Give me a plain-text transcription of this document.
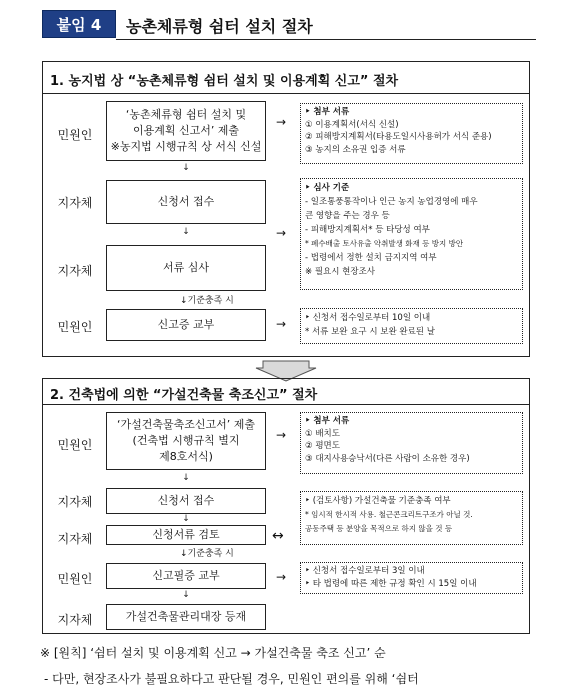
붙임 4	농촌체류형 쉼터 설치 절차
1. 농지법 상 “농촌체류형 쉼터 설치 및 이용계획 신고” 절차
민원인
‘농촌체류형 쉼터 설치 및
이용계획 신고서’ 제출
※농지법 시행규칙 상 서식 신설
↓
지자체	신청서 접수
↓
지자체	서류 심사
↓기준충족 시
민원인	신고증 교부
→
→
→
‣ 첨부 서류
① 이용계획서(서식 신설)
② 피해방지계획서(타용도일시사용허가 서식 준용)
③ 농지의 소유권 입증 서류
‣ 심사 기준
- 일조통풍통작이나 인근 농지 농업경영에 매우
큰 영향을 주는 경우 등
- 피해방지계획서* 등 타당성 여부
* 폐수배출 토사유출 악취발생 화재 등 방지 방안
- 법령에서 정한 설치 금지지역 여부
※ 필요시 현장조사
‣ 신청서 접수일로부터 10일 이내
* 서류 보완 요구 시 보완 완료된 날
2. 건축법에 의한 “가설건축물 축조신고” 절차
민원인
‘가설건축물축조신고서’ 제출
(건축법 시행규칙 별지
제8호서식)
↓
지자체	신청서 접수
↓
지자체	신청서류 검토
↓기준충족 시
민원인	신고필증 교부
↓
지자체	가설건축물관리대장 등재
→
↔
→
‣ 첨부 서류
① 배치도
② 평면도
③ 대지사용승낙서(다른 사람이 소유한 경우)
‣ (검토사항) 가설건축물 기준충족 여부
* 임시적 한시적 사용. 철근콘크리트구조가 아닐 것.
공동주택 등 분양을 목적으로 하지 않을 것 등
‣ 신청서 접수일로부터 3일 이내
‣ 타 법령에 따른 제한 규정 확인 시 15일 이내
※ [원칙] ‘쉼터 설치 및 이용계획 신고 → 가설건축물 축조 신고’ 순
- 다만, 현장조사가 불필요하다고 판단될 경우, 민원인 편의를 위해 ‘쉼터
